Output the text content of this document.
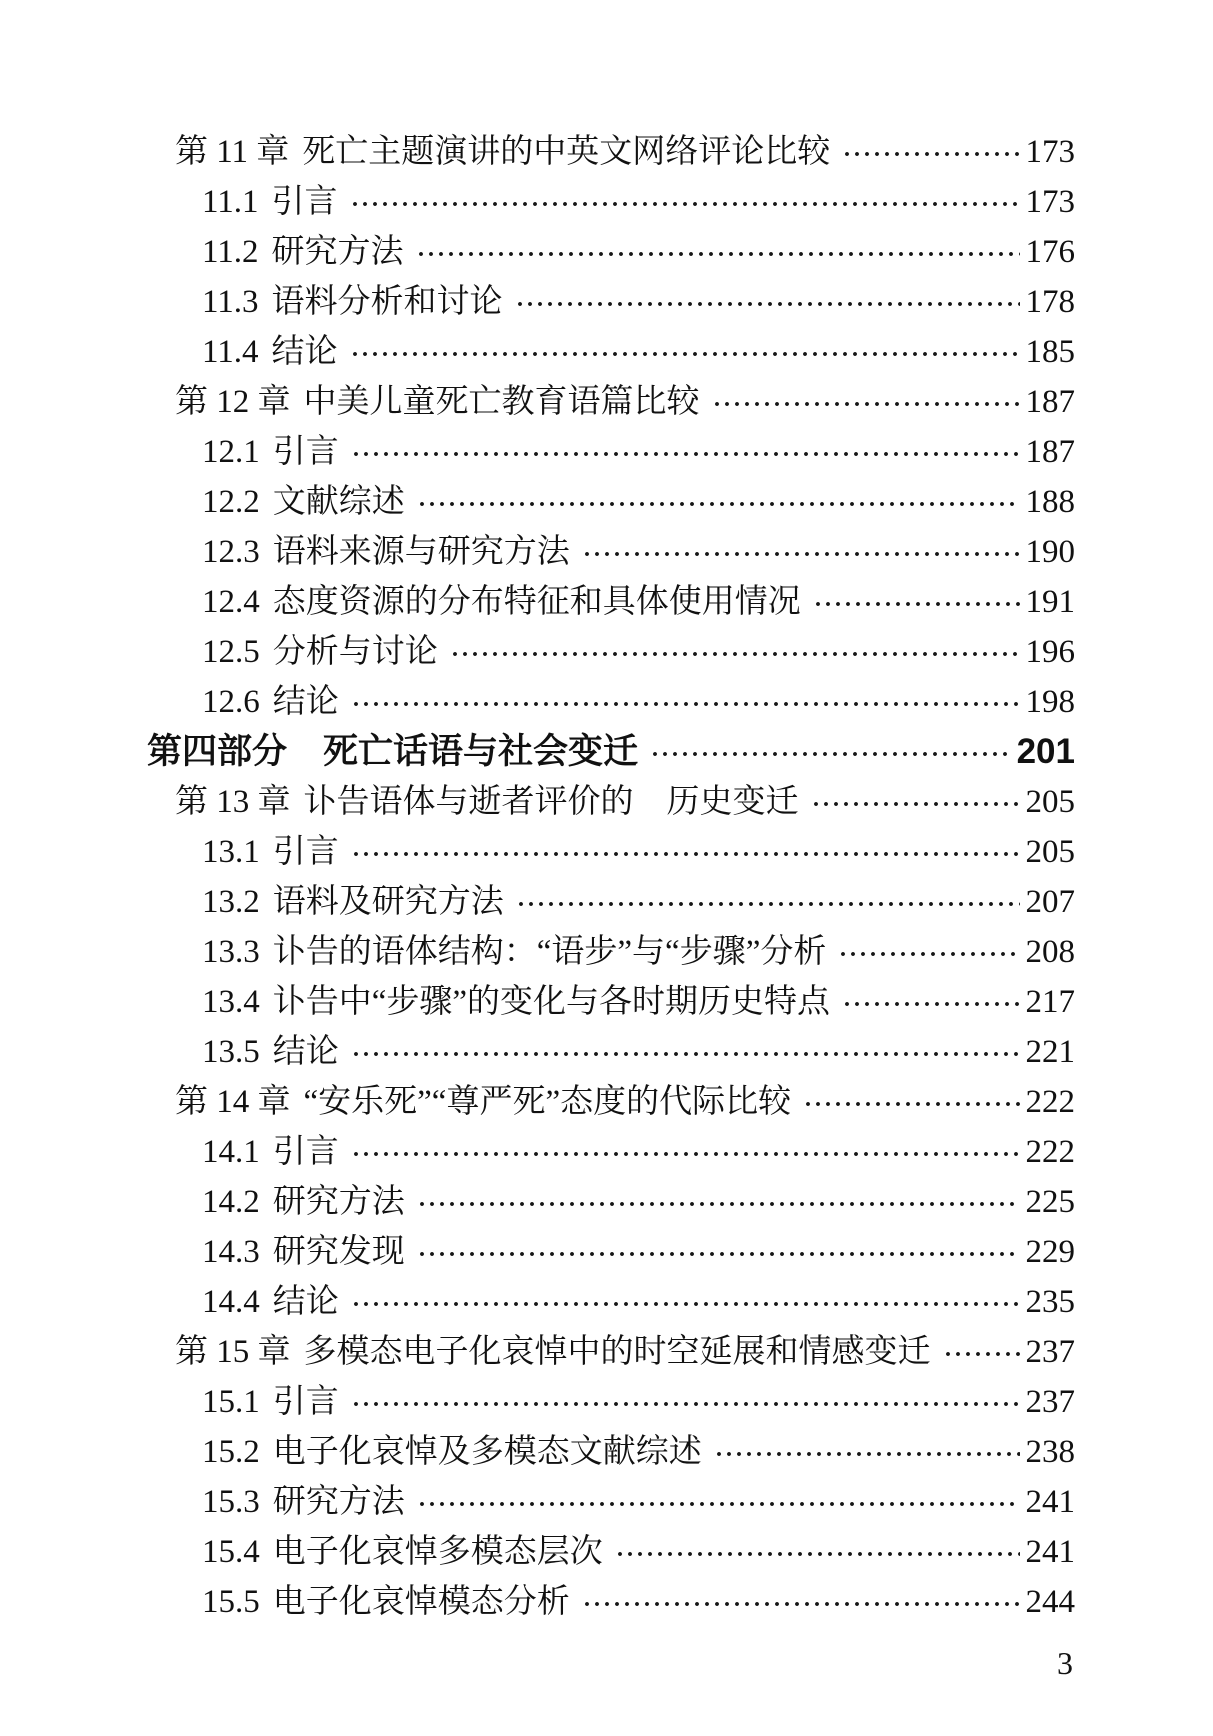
第 11 章 死亡主题演讲的中英文网络评论比较	173
11.1 引言	173
11.2 研究方法	176
11.3 语料分析和讨论	178
11.4 结论	185
第 12 章 中美儿童死亡教育语篇比较	187
12.1 引言	187
12.2 文献综述	188
12.3 语料来源与研究方法	190
12.4 态度资源的分布特征和具体使用情况	191
12.5 分析与讨论	196
12.6 结论	198
第四部分 死亡话语与社会变迁	201
第 13 章 讣告语体与逝者评价的　历史变迁	205
13.1 引言	205
13.2 语料及研究方法	207
13.3 讣告的语体结构：“语步”与“步骤”分析	208
13.4 讣告中“步骤”的变化与各时期历史特点	217
13.5 结论	221
第 14 章 “安乐死”“尊严死”态度的代际比较	222
14.1 引言	222
14.2 研究方法	225
14.3 研究发现	229
14.4 结论	235
第 15 章 多模态电子化哀悼中的时空延展和情感变迁	237
15.1 引言	237
15.2 电子化哀悼及多模态文献综述	238
15.3 研究方法	241
15.4 电子化哀悼多模态层次	241
15.5 电子化哀悼模态分析	244
3
